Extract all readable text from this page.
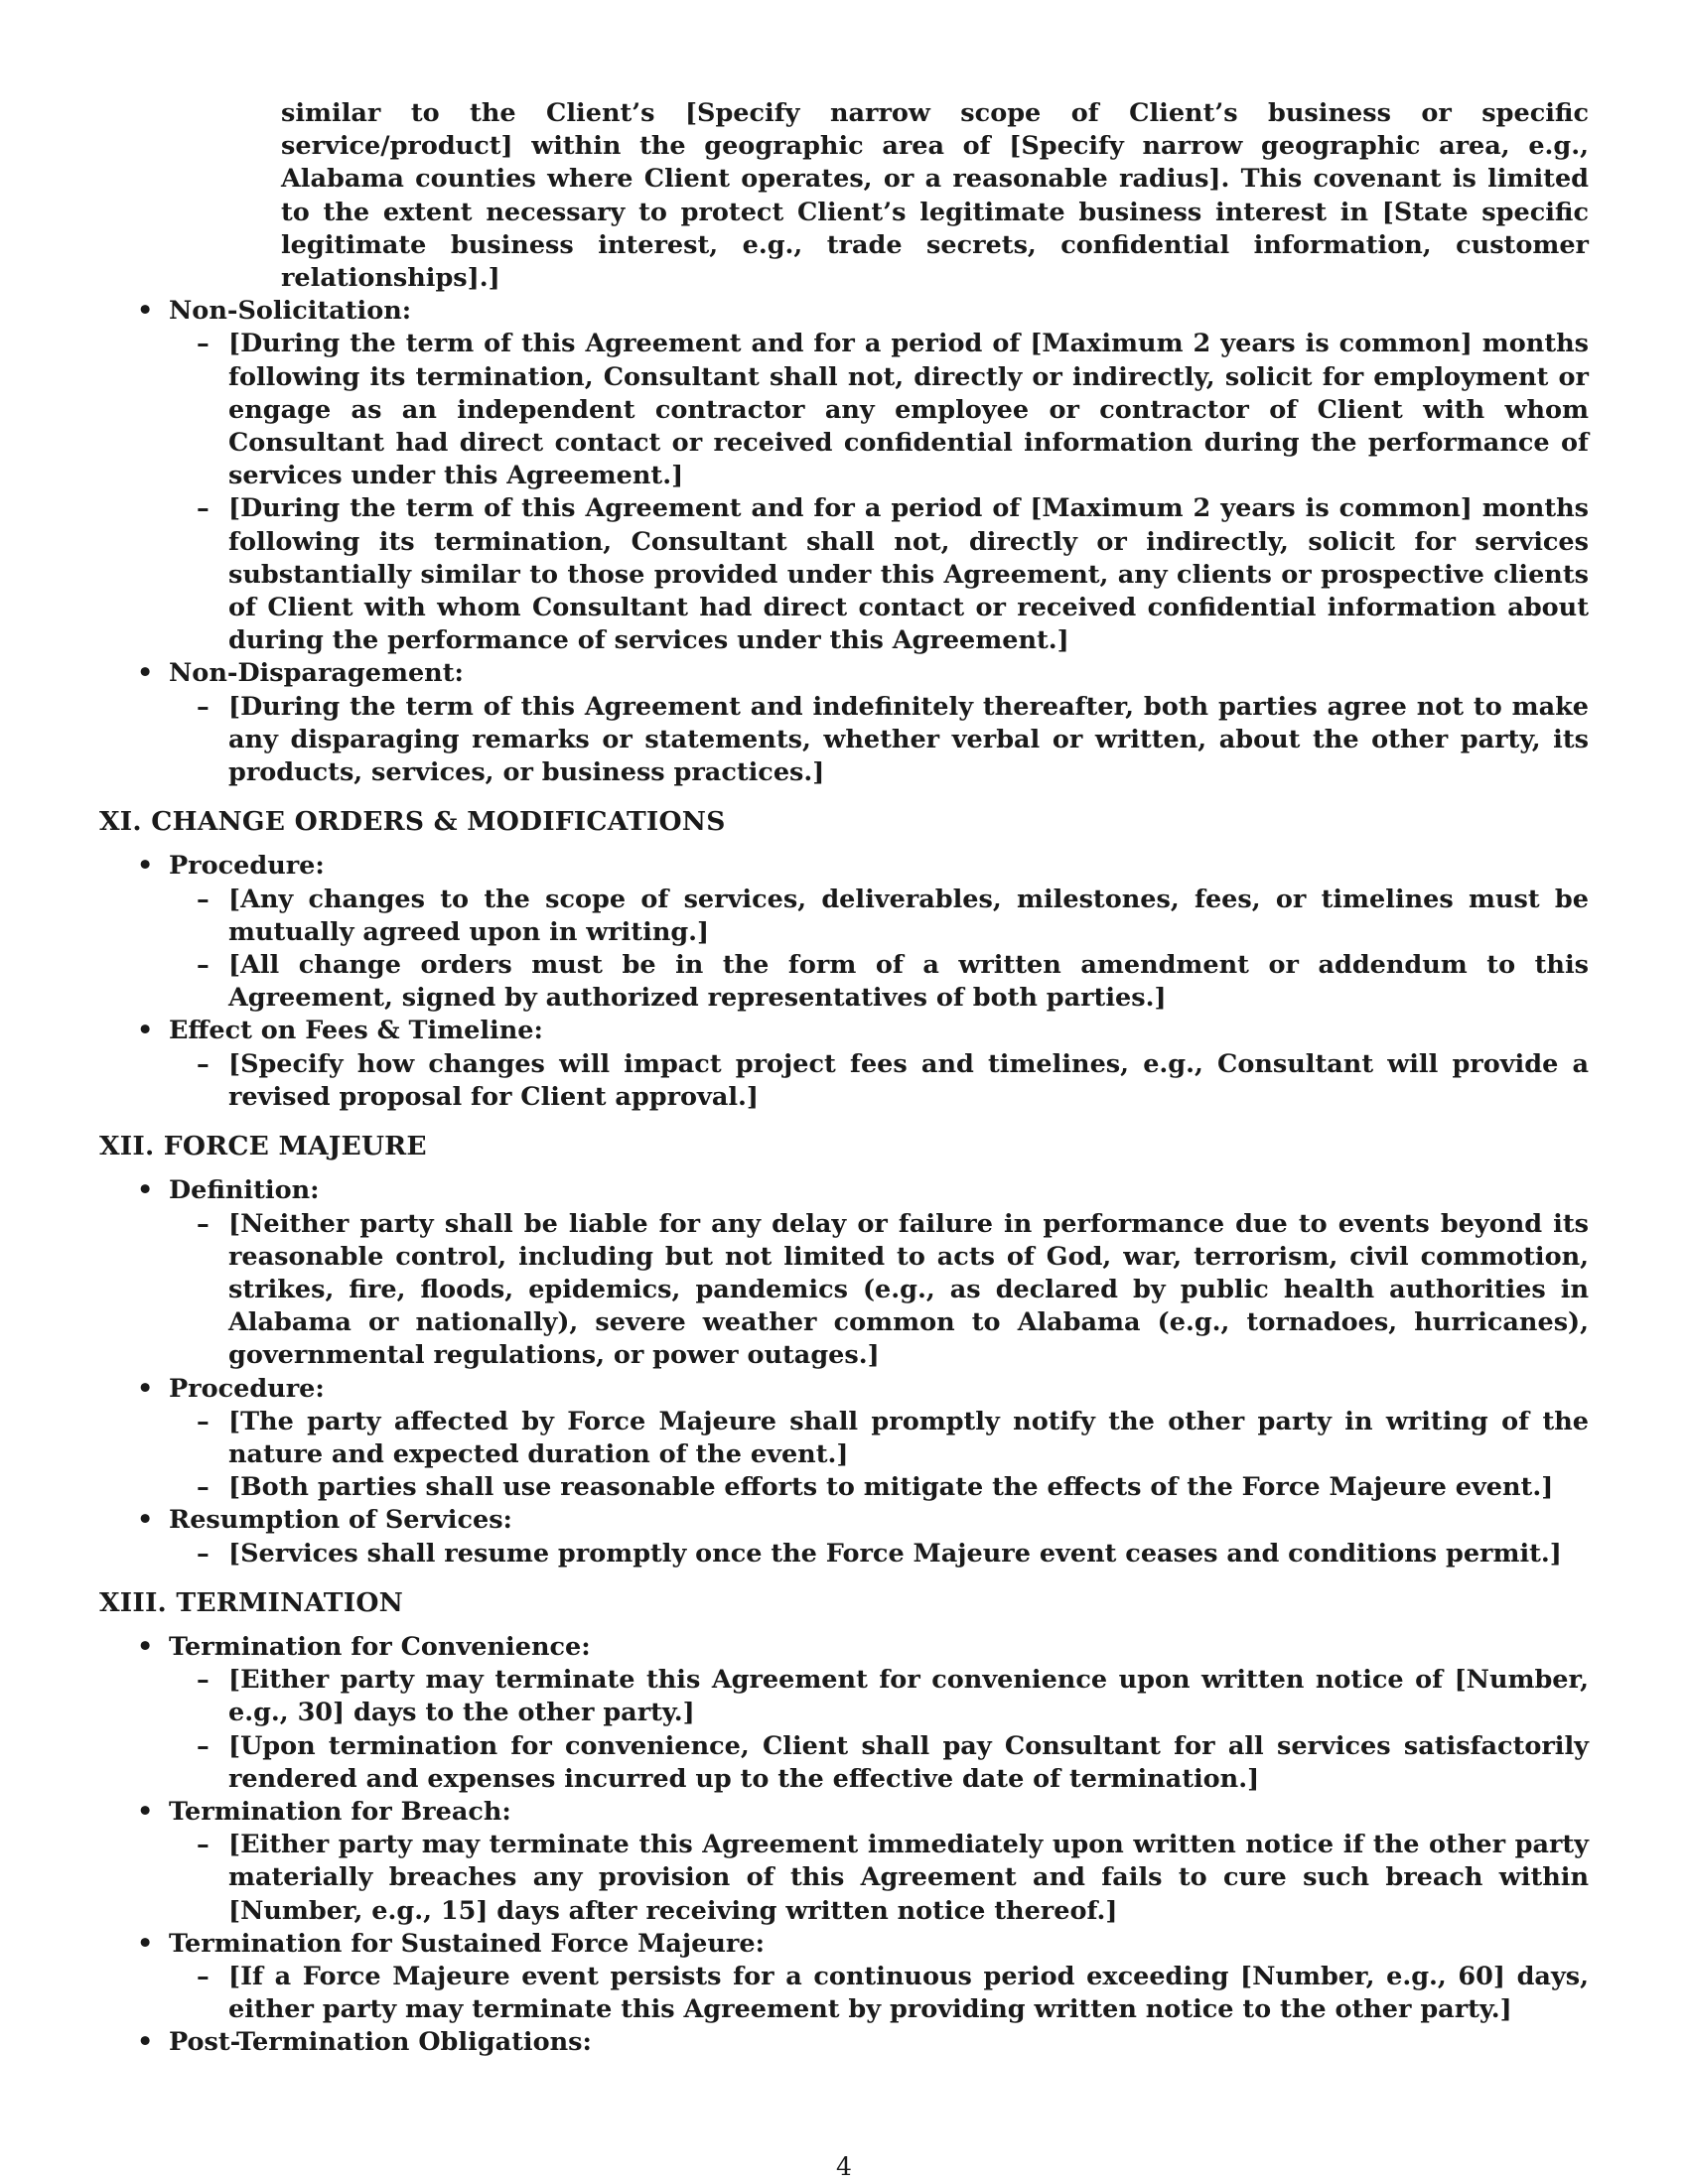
similar to the Client’s [Specify narrow scope of Client’s business or specific service/product] within the geographic area of [Specify narrow geographic area, e.g., Alabama counties where Client operates, or a reasonable radius]. This covenant is limited to the extent necessary to protect Client’s legitimate business interest in [State specific legitimate business interest, e.g., trade secrets, confidential information, customer relationships].]

• Non-Solicitation:
– [During the term of this Agreement and for a period of [Maximum 2 years is common] months following its termination, Consultant shall not, directly or indirectly, solicit for employment or engage as an independent contractor any employee or contractor of Client with whom Consultant had direct contact or received confidential information during the performance of services under this Agreement.]
– [During the term of this Agreement and for a period of [Maximum 2 years is common] months following its termination, Consultant shall not, directly or indirectly, solicit for services substantially similar to those provided under this Agreement, any clients or prospective clients of Client with whom Consultant had direct contact or received confidential information about during the performance of services under this Agreement.]
• Non-Disparagement:
– [During the term of this Agreement and indefinitely thereafter, both parties agree not to make any disparaging remarks or statements, whether verbal or written, about the other party, its products, services, or business practices.]
XI. CHANGE ORDERS & MODIFICATIONS
• Procedure:
– [Any changes to the scope of services, deliverables, milestones, fees, or timelines must be mutually agreed upon in writing.]
– [All change orders must be in the form of a written amendment or addendum to this Agreement, signed by authorized representatives of both parties.]
• Effect on Fees & Timeline:
– [Specify how changes will impact project fees and timelines, e.g., Consultant will provide a revised proposal for Client approval.]
XII. FORCE MAJEURE
• Definition:
– [Neither party shall be liable for any delay or failure in performance due to events beyond its reasonable control, including but not limited to acts of God, war, terrorism, civil commotion, strikes, fire, floods, epidemics, pandemics (e.g., as declared by public health authorities in Alabama or nationally), severe weather common to Alabama (e.g., tornadoes, hurricanes), governmental regulations, or power outages.]
• Procedure:
– [The party affected by Force Majeure shall promptly notify the other party in writing of the nature and expected duration of the event.]
– [Both parties shall use reasonable efforts to mitigate the effects of the Force Majeure event.]
• Resumption of Services:
– [Services shall resume promptly once the Force Majeure event ceases and conditions permit.]
XIII. TERMINATION
• Termination for Convenience:
– [Either party may terminate this Agreement for convenience upon written notice of [Number, e.g., 30] days to the other party.]
– [Upon termination for convenience, Client shall pay Consultant for all services satisfactorily rendered and expenses incurred up to the effective date of termination.]
• Termination for Breach:
– [Either party may terminate this Agreement immediately upon written notice if the other party materially breaches any provision of this Agreement and fails to cure such breach within [Number, e.g., 15] days after receiving written notice thereof.]
• Termination for Sustained Force Majeure:
– [If a Force Majeure event persists for a continuous period exceeding [Number, e.g., 60] days, either party may terminate this Agreement by providing written notice to the other party.]
• Post-Termination Obligations:
4
